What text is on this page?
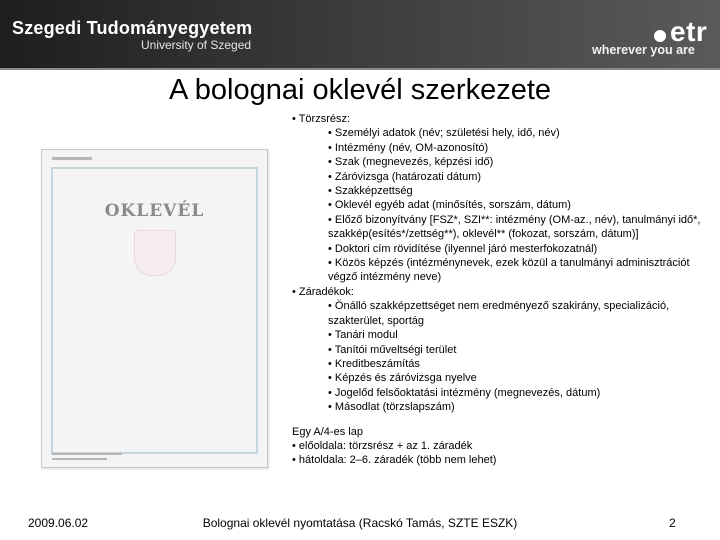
Szegedi Tudományegyetem
University of Szeged	etr
wherever you are
A bolognai oklevél szerkezete
OKLEVÉL
• Törzsrész:
• Személyi adatok (név; születési hely, idő, név)
• Intézmény (név, OM-azonosító)
• Szak (megnevezés, képzési idő)
• Záróvizsga (határozati dátum)
• Szakképzettség
• Oklevél egyéb adat (minősítés, sorszám, dátum)
• Előző bizonyítvány [FSZ*, SZI**: intézmény (OM-az., név), tanulmányi idő*, szakkép(esítés*/zettség**), oklevél** (fokozat, sorszám, dátum)]
• Doktori cím rövidítése (ilyennel járó mesterfokozatnál)
• Közös képzés (intézménynevek, ezek közül a tanulmányi adminisztrációt végző intézmény neve)
• Záradékok:
• Önálló szakképzettséget nem eredményező szakirány, specializáció, szakterület, sportág
• Tanári modul
• Tanítói műveltségi terület
• Kreditbeszámítás
• Képzés és záróvizsga nyelve
• Jogelőd felsőoktatási intézmény (megnevezés, dátum)
• Másodlat (törzslapszám)
Egy A/4-es lap
• előoldala: törzsrész + az 1. záradék
• hátoldala: 2–6. záradék (több nem lehet)
2009.06.02	Bolognai oklevél nyomtatása (Racskó Tamás, SZTE ESZK)	2
